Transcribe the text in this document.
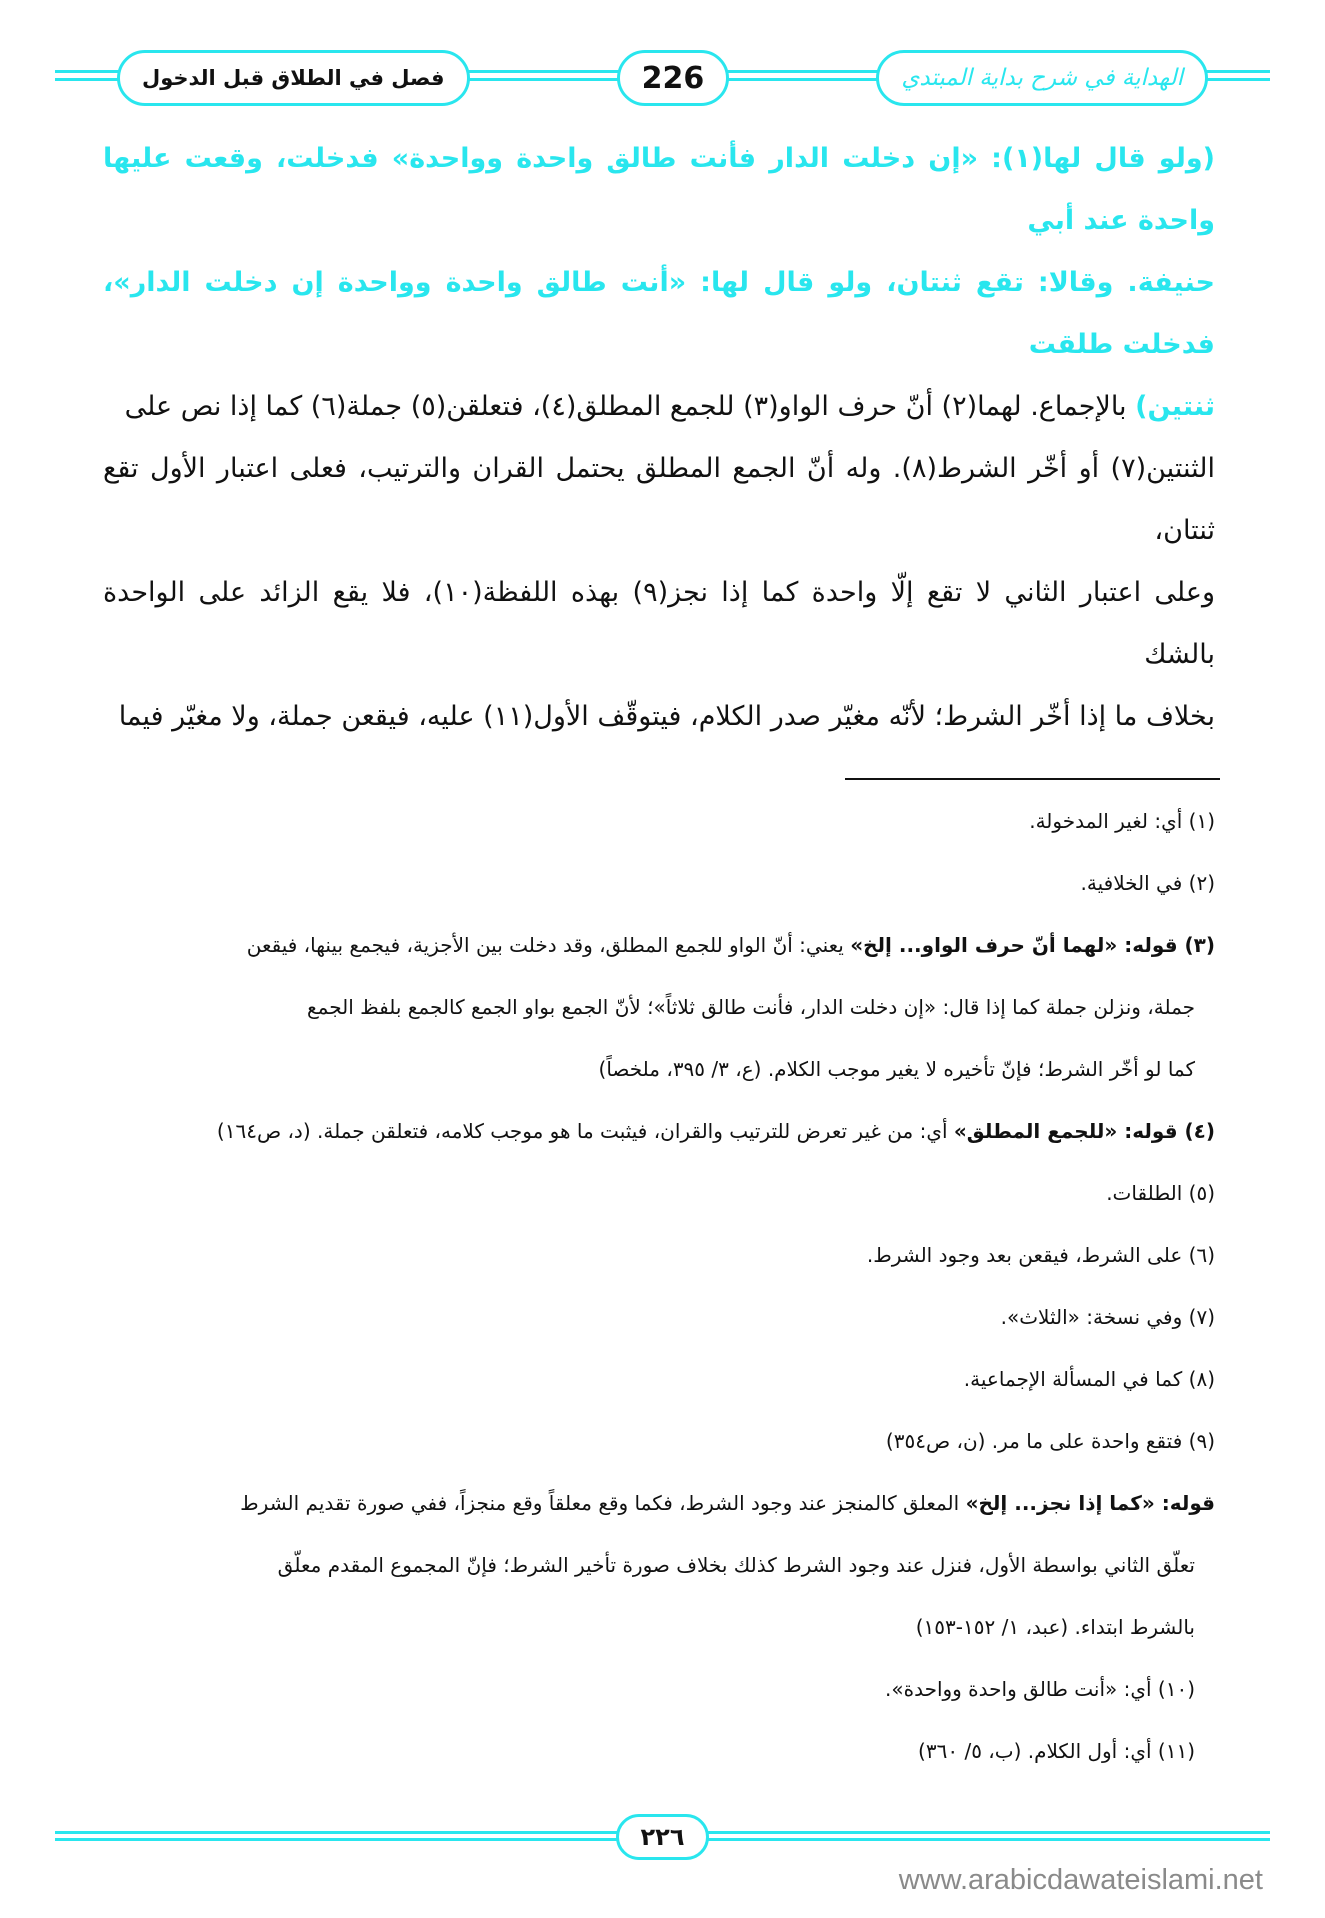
فصل في الطلاق قبل الدخول	226	الهداية في شرح بداية المبتدي

(ولو قال لها(١): «إن دخلت الدار فأنت طالق واحدة وواحدة» فدخلت، وقعت عليها واحدة عند أبي

حنيفة. وقالا: تقع ثنتان، ولو قال لها: «أنت طالق واحدة وواحدة إن دخلت الدار»، فدخلت طلقت

ثنتين) بالإجماع. لهما(٢) أنّ حرف الواو(٣) للجمع المطلق(٤)، فتعلقن(٥) جملة(٦) كما إذا نص على

الثنتين(٧) أو أخّر الشرط(٨). وله أنّ الجمع المطلق يحتمل القران والترتيب، فعلى اعتبار الأول تقع ثنتان،

وعلى اعتبار الثاني لا تقع إلّا واحدة كما إذا نجز(٩) بهذه اللفظة(١٠)، فلا يقع الزائد على الواحدة بالشك

بخلاف ما إذا أخّر الشرط؛ لأنّه مغيّر صدر الكلام، فيتوقّف الأول(١١) عليه، فيقعن جملة، ولا مغيّر فيما

(١) أي: لغير المدخولة.
(٢) في الخلافية.
(٣) قوله: «لهما أنّ حرف الواو... إلخ» يعني: أنّ الواو للجمع المطلق، وقد دخلت بين الأجزية، فيجمع بينها، فيقعن
جملة، ونزلن جملة كما إذا قال: «إن دخلت الدار، فأنت طالق ثلاثاً»؛ لأنّ الجمع بواو الجمع كالجمع بلفظ الجمع
كما لو أخّر الشرط؛ فإنّ تأخيره لا يغير موجب الكلام. (ع، ٣/ ٣٩٥، ملخصاً)
(٤) قوله: «للجمع المطلق» أي: من غير تعرض للترتيب والقران، فيثبت ما هو موجب كلامه، فتعلقن جملة. (د، ص١٦٤)
(٥) الطلقات.
(٦) على الشرط، فيقعن بعد وجود الشرط.
(٧) وفي نسخة: «الثلاث».
(٨) كما في المسألة الإجماعية.
(٩) فتقع واحدة على ما مر. (ن، ص٣٥٤)
قوله: «كما إذا نجز... إلخ» المعلق كالمنجز عند وجود الشرط، فكما وقع معلقاً وقع منجزاً، ففي صورة تقديم الشرط
تعلّق الثاني بواسطة الأول، فنزل عند وجود الشرط كذلك بخلاف صورة تأخير الشرط؛ فإنّ المجموع المقدم معلّق
بالشرط ابتداء. (عبد، ١/ ١٥٢-١٥٣)
(١٠) أي: «أنت طالق واحدة وواحدة».
(١١) أي: أول الكلام. (ب، ٥/ ٣٦٠)
٢٢٦
www.arabicdawateislami.net
